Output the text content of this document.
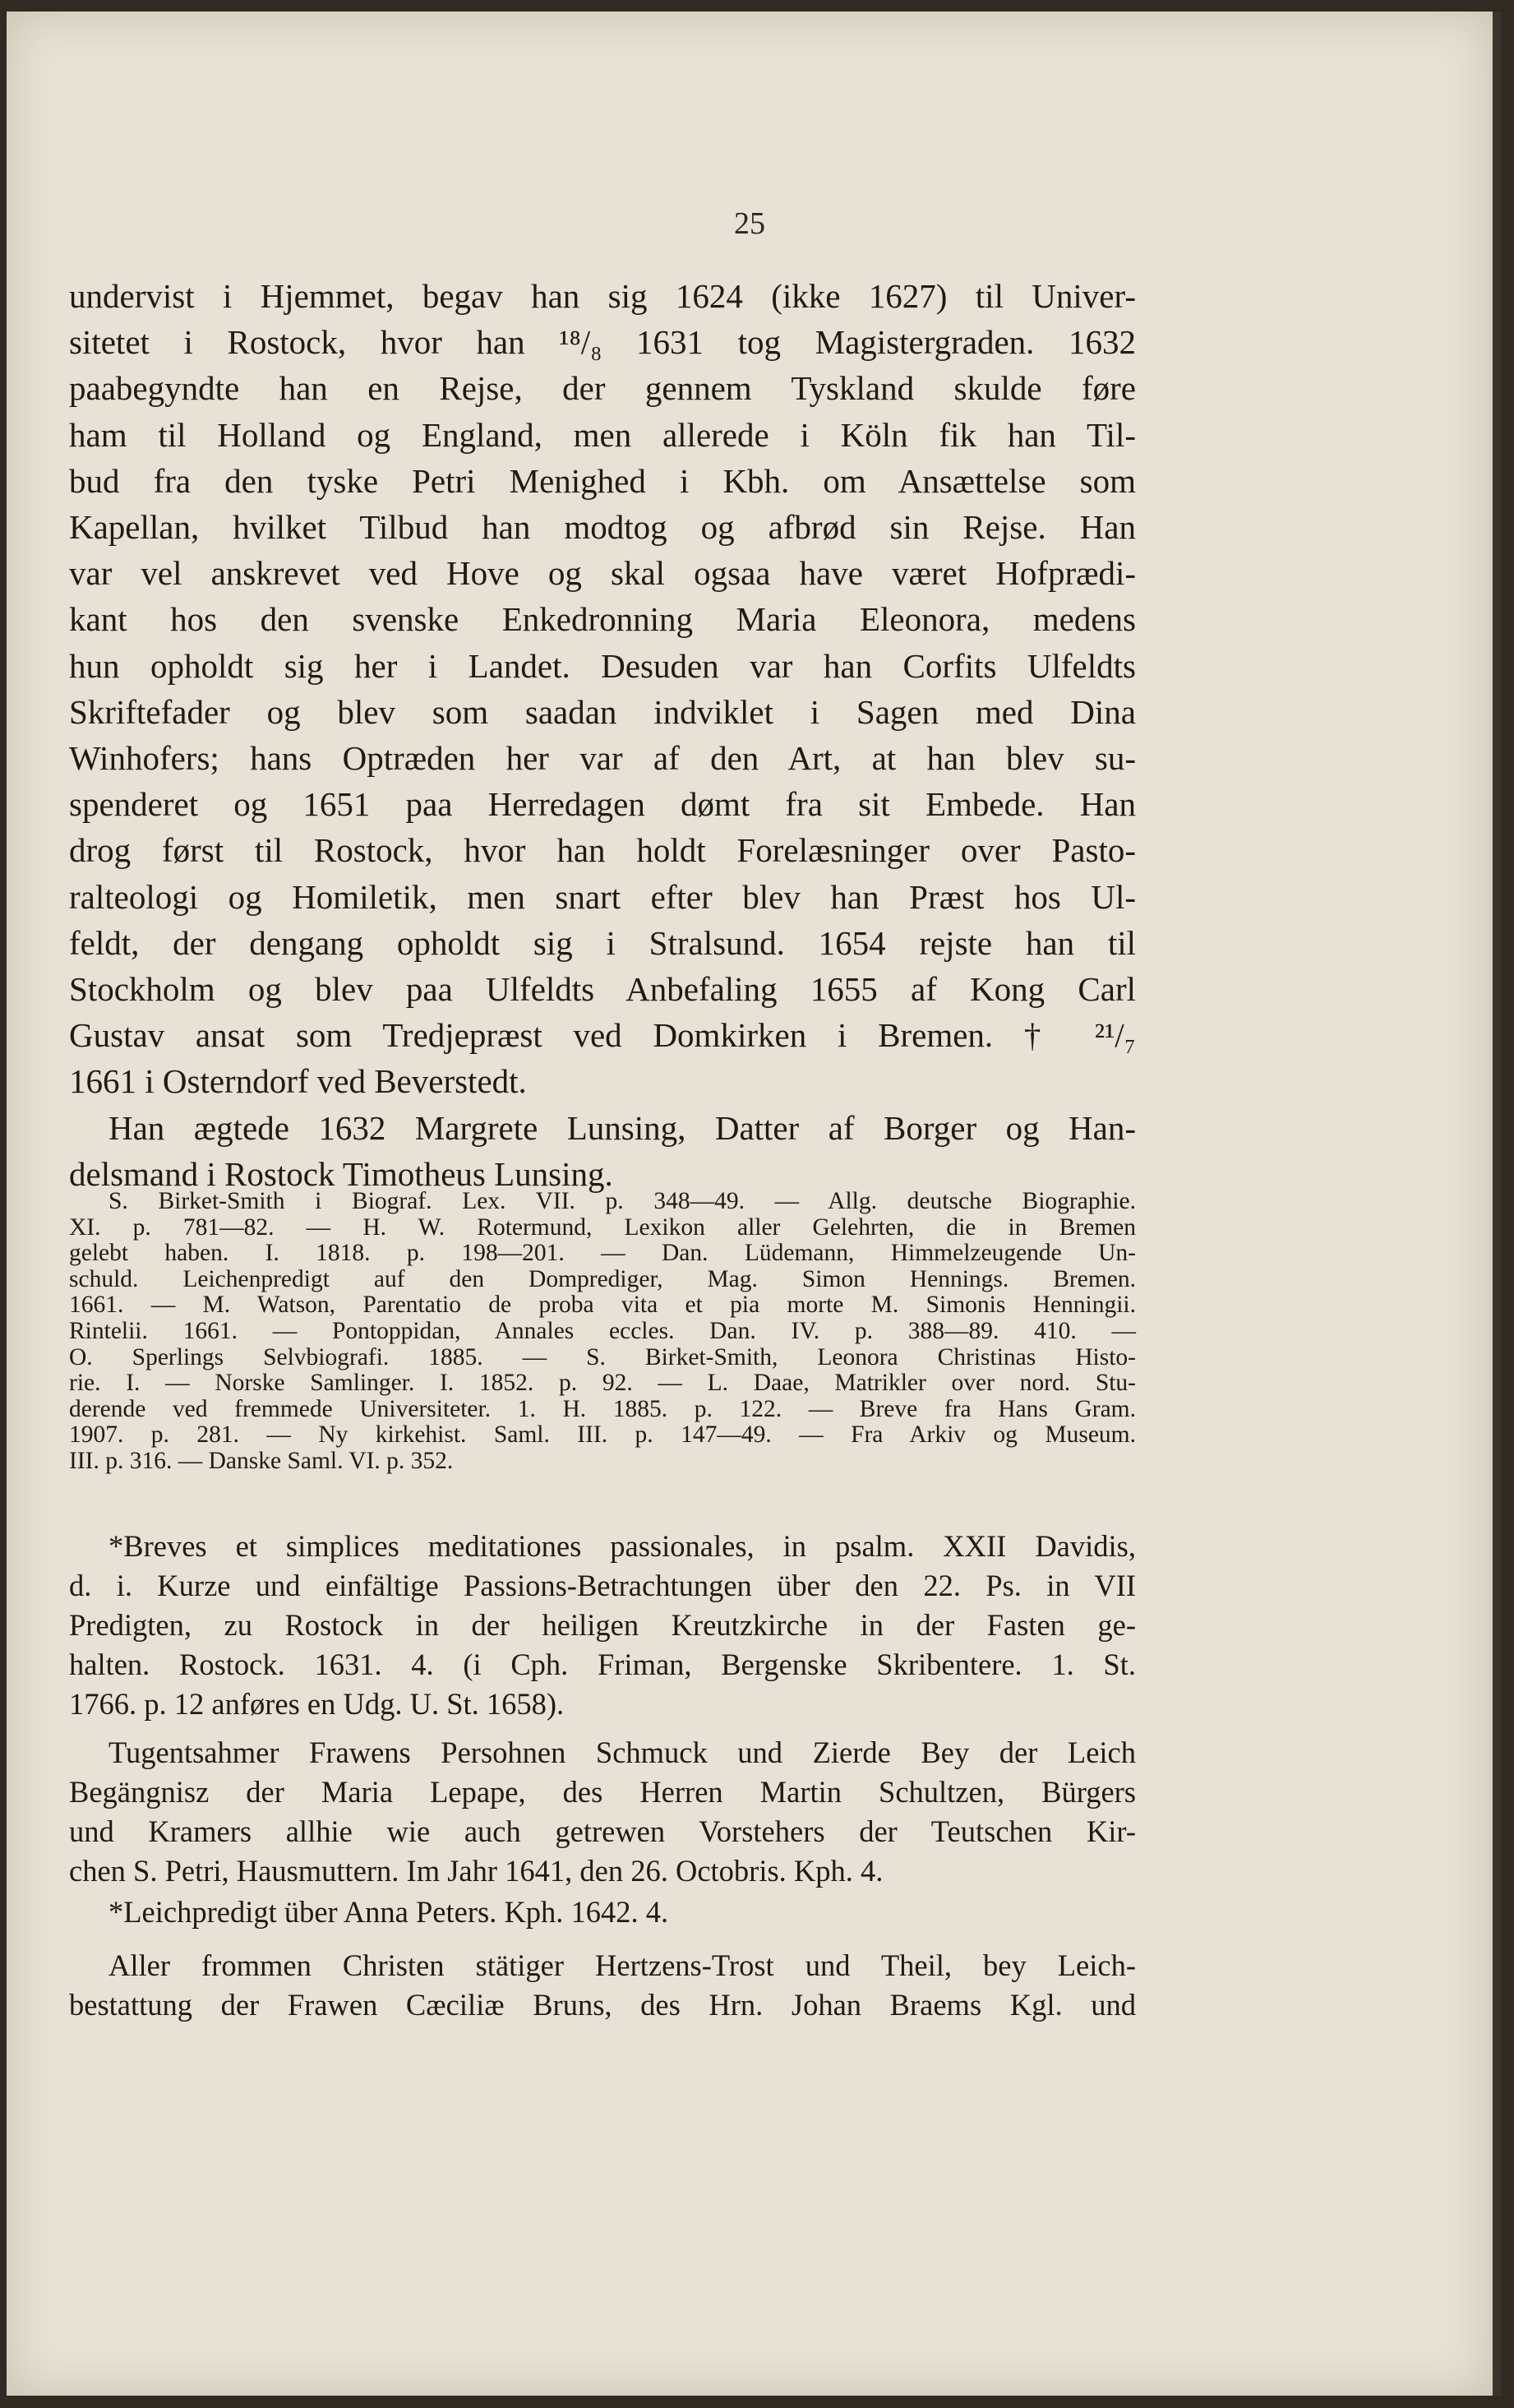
25
undervist i Hjemmet, begav han sig 1624 (ikke 1627) til Univer-
sitetet i Rostock, hvor han ¹⁸/₈ 1631 tog Magistergraden. 1632
paabegyndte han en Rejse, der gennem Tyskland skulde føre
ham til Holland og England, men allerede i Köln fik han Til-
bud fra den tyske Petri Menighed i Kbh. om Ansættelse som
Kapellan, hvilket Tilbud han modtog og afbrød sin Rejse. Han
var vel anskrevet ved Hove og skal ogsaa have været Hofprædi-
kant hos den svenske Enkedronning Maria Eleonora, medens
hun opholdt sig her i Landet. Desuden var han Corfits Ulfeldts
Skriftefader og blev som saadan indviklet i Sagen med Dina
Winhofers; hans Optræden her var af den Art, at han blev su-
spenderet og 1651 paa Herredagen dømt fra sit Embede. Han
drog først til Rostock, hvor han holdt Forelæsninger over Pasto-
ralteologi og Homiletik, men snart efter blev han Præst hos Ul-
feldt, der dengang opholdt sig i Stralsund. 1654 rejste han til
Stockholm og blev paa Ulfeldts Anbefaling 1655 af Kong Carl
Gustav ansat som Tredjepræst ved Domkirken i Bremen. † ²¹/₇
1661 i Osterndorf ved Beverstedt.
Han ægtede 1632 Margrete Lunsing, Datter af Borger og Han-
delsmand i Rostock Timotheus Lunsing.
S. Birket-Smith i Biograf. Lex. VII. p. 348—49. — Allg. deutsche Biographie.
XI. p. 781—82. — H. W. Rotermund, Lexikon aller Gelehrten, die in Bremen
gelebt haben. I. 1818. p. 198—201. — Dan. Lüdemann, Himmelzeugende Un-
schuld. Leichenpredigt auf den Domprediger, Mag. Simon Hennings. Bremen.
1661. — M. Watson, Parentatio de proba vita et pia morte M. Simonis Henningii.
Rintelii. 1661. — Pontoppidan, Annales eccles. Dan. IV. p. 388—89. 410. —
O. Sperlings Selvbiografi. 1885. — S. Birket-Smith, Leonora Christinas Histo-
rie. I. — Norske Samlinger. I. 1852. p. 92. — L. Daae, Matrikler over nord. Stu-
derende ved fremmede Universiteter. 1. H. 1885. p. 122. — Breve fra Hans Gram.
1907. p. 281. — Ny kirkehist. Saml. III. p. 147—49. — Fra Arkiv og Museum.
III. p. 316. — Danske Saml. VI. p. 352.
*Breves et simplices meditationes passionales, in psalm. XXII Davidis,
d. i. Kurze und einfältige Passions-Betrachtungen über den 22. Ps. in VII
Predigten, zu Rostock in der heiligen Kreutzkirche in der Fasten ge-
halten. Rostock. 1631. 4. (i Cph. Friman, Bergenske Skribentere. 1. St.
1766. p. 12 anføres en Udg. U. St. 1658).
Tugentsahmer Frawens Persohnen Schmuck und Zierde Bey der Leich
Begängnisz der Maria Lepape, des Herren Martin Schultzen, Bürgers
und Kramers allhie wie auch getrewen Vorstehers der Teutschen Kir-
chen S. Petri, Hausmuttern. Im Jahr 1641, den 26. Octobris. Kph. 4.
*Leichpredigt über Anna Peters. Kph. 1642. 4.
Aller frommen Christen stätiger Hertzens-Trost und Theil, bey Leich-
bestattung der Frawen Cæciliæ Bruns, des Hrn. Johan Braems Kgl. und
